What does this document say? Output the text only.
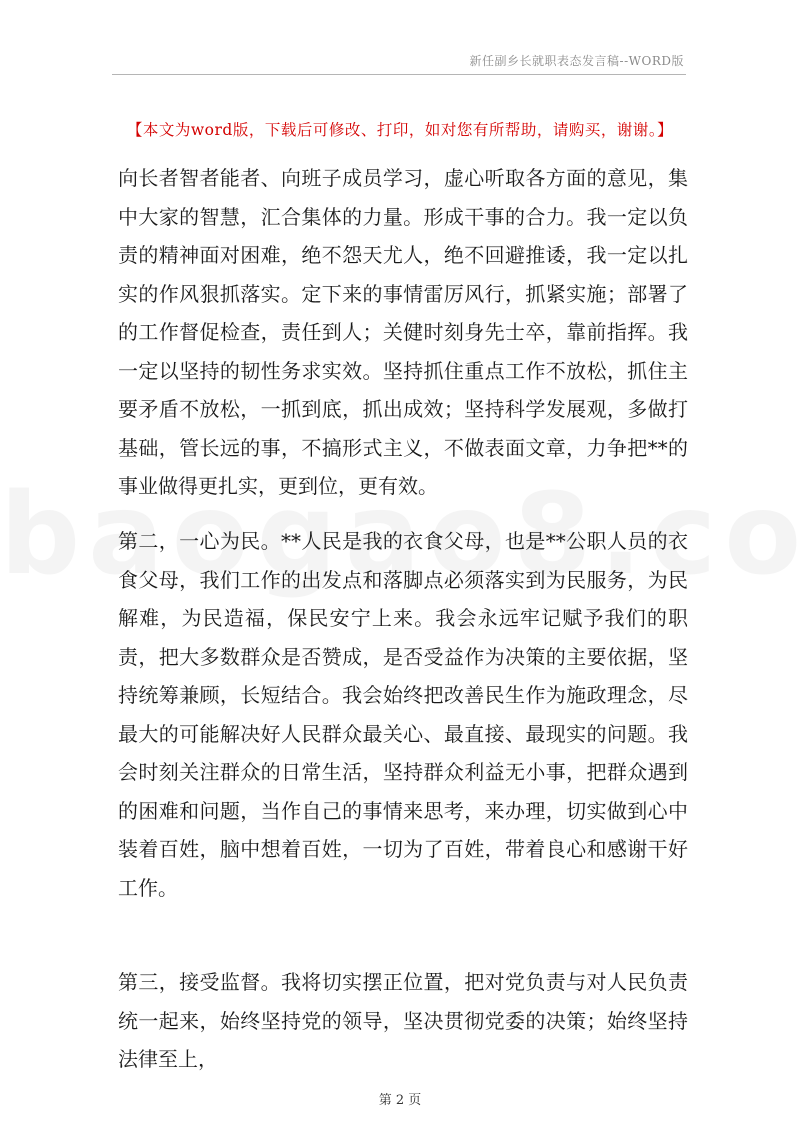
新任副乡长就职表态发言稿--WORD版
【本文为word版，下载后可修改、打印，如对您有所帮助，请购买，谢谢。】

向长者智者能者、向班子成员学习，虚心听取各方面的意见，集中大家的智慧，汇合集体的力量。形成干事的合力。我一定以负责的精神面对困难，绝不怨天尤人，绝不回避推诿，我一定以扎实的作风狠抓落实。定下来的事情雷厉风行，抓紧实施；部署了的工作督促检查，责任到人；关健时刻身先士卒，靠前指挥。我一定以坚持的韧性务求实效。坚持抓住重点工作不放松，抓住主要矛盾不放松，一抓到底，抓出成效；坚持科学发展观，多做打基础，管长远的事，不搞形式主义，不做表面文章，力争把**的事业做得更扎实，更到位，更有效。

第二，一心为民。**人民是我的衣食父母，也是**公职人员的衣食父母，我们工作的出发点和落脚点必须落实到为民服务，为民解难，为民造福，保民安宁上来。我会永远牢记赋予我们的职责，把大多数群众是否赞成，是否受益作为决策的主要依据，坚持统筹兼顾，长短结合。我会始终把改善民生作为施政理念，尽最大的可能解决好人民群众最关心、最直接、最现实的问题。我会时刻关注群众的日常生活，坚持群众利益无小事，把群众遇到的困难和问题，当作自己的事情来思考，来办理，切实做到心中装着百姓，脑中想着百姓，一切为了百姓，带着良心和感谢干好工作。

第三，接受监督。我将切实摆正位置，把对党负责与对人民负责统一起来，始终坚持党的领导，坚决贯彻党委的决策；始终坚持法律至上，

第 2 页
